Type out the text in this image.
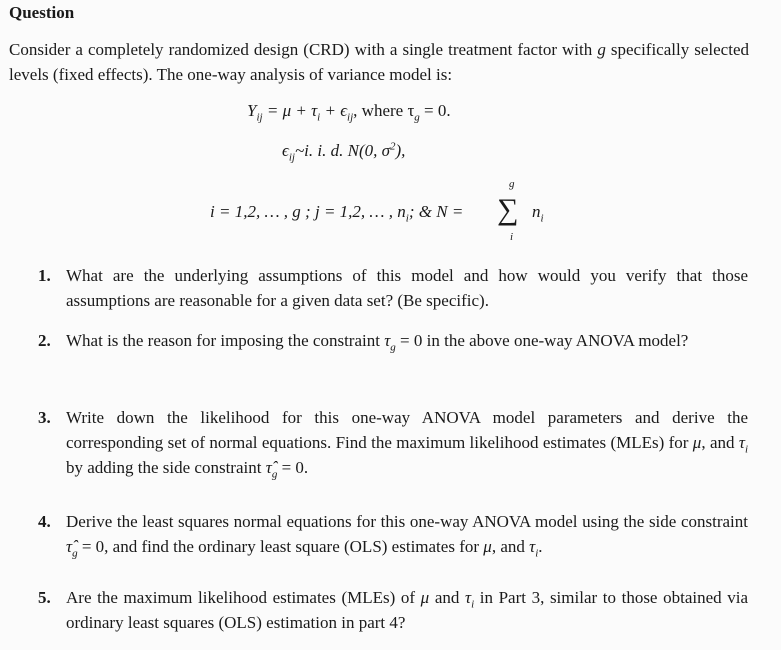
Question
Consider a completely randomized design (CRD) with a single treatment factor with g specifically selected levels (fixed effects). The one-way analysis of variance model is:
$Y_{ij} = \mu + \tau_i + \epsilon_{ij}$, where $\tau_g = 0$.
$\epsilon_{ij}\sim i$. i. d. N(0, $\sigma^2$),
i = 1,2, … , g ; j = 1,2, … , $n_i$; & N =
g
∑
i
$n_i$
1. What are the underlying assumptions of this model and how would you verify that those assumptions are reasonable for a given data set? (Be specific).
2. What is the reason for imposing the constraint $\tau_g = 0$ in the above one-way ANOVA model?
3. Write down the likelihood for this one-way ANOVA model parameters and derive the corresponding set of normal equations. Find the maximum likelihood estimates (MLEs) for μ, and $\tau_i$ by adding the side constraint $\taû_g = 0$.
4. Derive the least squares normal equations for this one-way ANOVA model using the side constraint $\taû_g = 0$, and find the ordinary least square (OLS) estimates for μ, and $\tau_i$.
5. Are the maximum likelihood estimates (MLEs) of μ and $\tau_i$ in Part 3, similar to those obtained via ordinary least squares (OLS) estimation in part 4?
